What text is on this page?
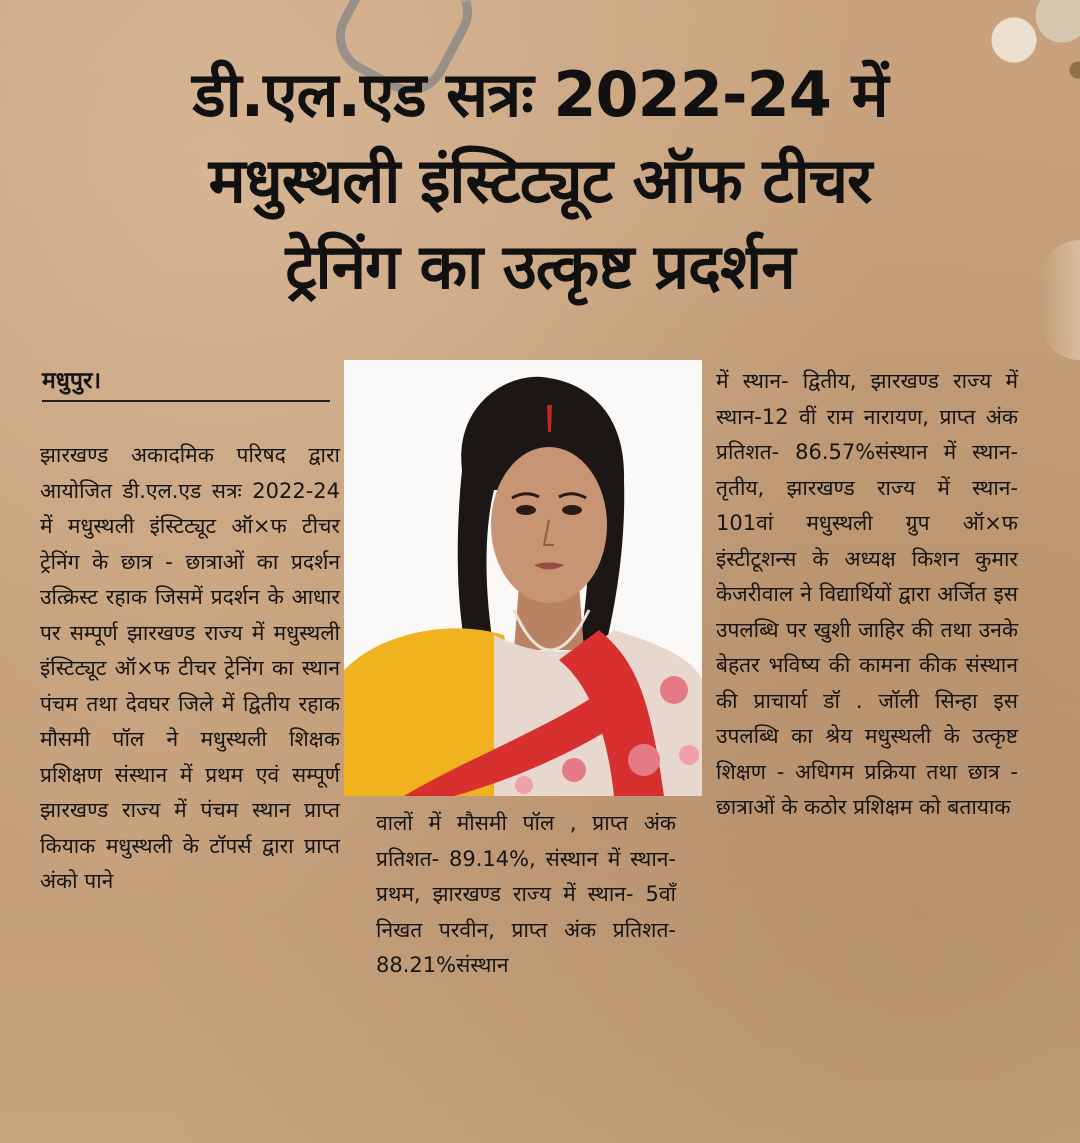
डी.एल.एड सत्रः 2022-24 में
मधुस्थली इंस्टिट्यूट ऑफ टीचर
ट्रेनिंग का उत्कृष्ट प्रदर्शन
मधुपुर।

झारखण्ड अकादमिक परिषद द्वारा आयोजित डी.एल.एड सत्रः 2022-24 में मधुस्थली इंस्टिट्यूट ऑ×फ टीचर ट्रेनिंग के छात्र - छात्राओं का प्रदर्शन उत्क्रिस्ट रहाक जिसमें प्रदर्शन के आधार पर सम्पूर्ण झारखण्ड राज्य में मधुस्थली इंस्टिट्यूट ऑ×फ टीचर ट्रेनिंग का स्थान पंचम तथा देवघर जिले में द्वितीय रहाक मौसमी पॉल ने मधुस्थली शिक्षक प्रशिक्षण संस्थान में प्रथम एवं सम्पूर्ण झारखण्ड राज्य में पंचम स्थान प्राप्त कियाक मधुस्थली के टॉपर्स द्वारा प्राप्त अंको पाने

वालों में मौसमी पॉल , प्राप्त अंक प्रतिशत- 89.14%, संस्थान में स्थान- प्रथम, झारखण्ड राज्य में स्थान- 5वाँ निखत परवीन, प्राप्त अंक प्रतिशत- 88.21%संस्थान

में स्थान- द्वितीय, झारखण्ड राज्य में स्थान-12 वीं राम नारायण, प्राप्त अंक प्रतिशत- 86.57%संस्थान में स्थान- तृतीय, झारखण्ड राज्य में स्थान- 101वां मधुस्थली ग्रुप ऑ×फ इंस्टीटूशन्स के अध्यक्ष किशन कुमार केजरीवाल ने विद्यार्थियों द्वारा अर्जित इस उपलब्धि पर खुशी जाहिर की तथा उनके बेहतर भविष्य की कामना कीक संस्थान की प्राचार्या डॉ . जॉली सिन्हा इस उपलब्धि का श्रेय मधुस्थली के उत्कृष्ट शिक्षण - अधिगम प्रक्रिया तथा छात्र - छात्राओं के कठोर प्रशिक्षम को बतायाक
